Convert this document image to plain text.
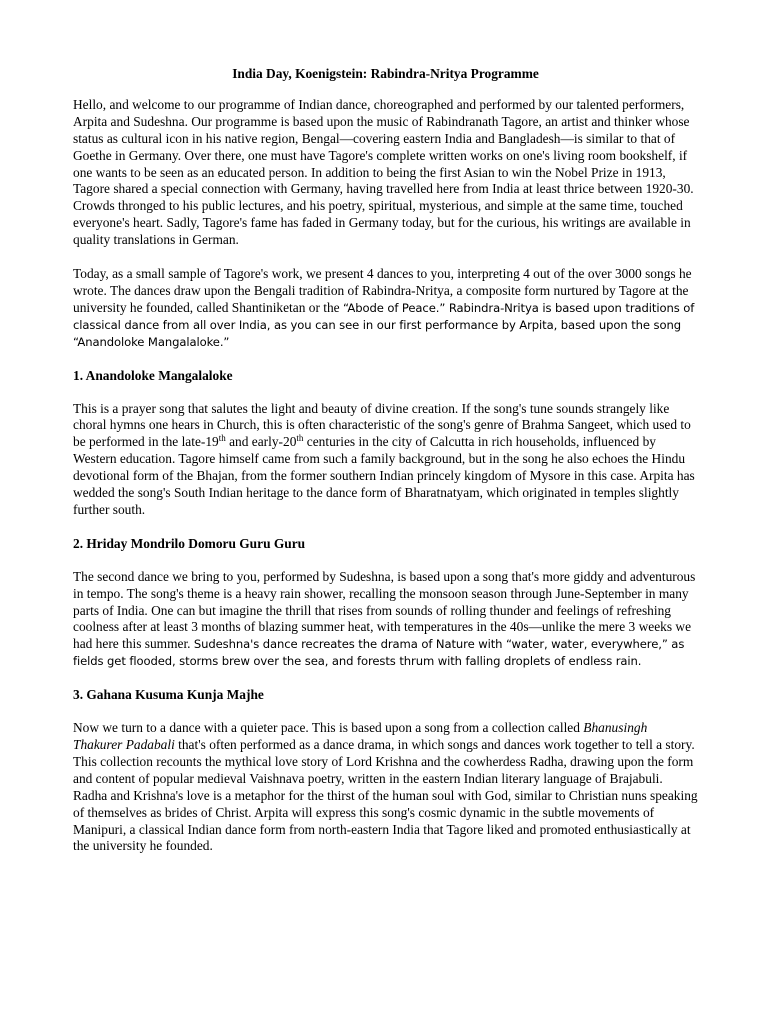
India Day, Koenigstein: Rabindra-Nritya Programme

Hello, and welcome to our programme of Indian dance, choreographed and performed by our talented performers, Arpita and Sudeshna. Our programme is based upon the music of Rabindranath Tagore, an artist and thinker whose status as cultural icon in his native region, Bengal—covering eastern India and Bangladesh—is similar to that of Goethe in Germany. Over there, one must have Tagore's complete written works on one's living room bookshelf, if one wants to be seen as an educated person. In addition to being the first Asian to win the Nobel Prize in 1913, Tagore shared a special connection with Germany, having travelled here from India at least thrice between 1920-30. Crowds thronged to his public lectures, and his poetry, spiritual, mysterious, and simple at the same time, touched everyone's heart. Sadly, Tagore's fame has faded in Germany today, but for the curious, his writings are available in quality translations in German.

Today, as a small sample of Tagore's work, we present 4 dances to you, interpreting 4 out of the over 3000 songs he wrote. The dances draw upon the Bengali tradition of Rabindra-Nritya, a composite form nurtured by Tagore at the university he founded, called Shantiniketan or the “Abode of Peace.” Rabindra-Nritya is based upon traditions of classical dance from all over India, as you can see in our first performance by Arpita, based upon the song “Anandoloke Mangalaloke.”

1. Anandoloke Mangalaloke

This is a prayer song that salutes the light and beauty of divine creation. If the song's tune sounds strangely like choral hymns one hears in Church, this is often characteristic of the song's genre of Brahma Sangeet, which used to be performed in the late-19th and early-20th centuries in the city of Calcutta in rich households, influenced by Western education. Tagore himself came from such a family background, but in the song he also echoes the Hindu devotional form of the Bhajan, from the former southern Indian princely kingdom of Mysore in this case. Arpita has wedded the song's South Indian heritage to the dance form of Bharatnatyam, which originated in temples slightly further south.

2. Hriday Mondrilo Domoru Guru Guru

The second dance we bring to you, performed by Sudeshna, is based upon a song that's more giddy and adventurous in tempo. The song's theme is a heavy rain shower, recalling the monsoon season through June-September in many parts of India. One can but imagine the thrill that rises from sounds of rolling thunder and feelings of refreshing coolness after at least 3 months of blazing summer heat, with temperatures in the 40s—unlike the mere 3 weeks we had here this summer. Sudeshna's dance recreates the drama of Nature with “water, water, everywhere,” as fields get flooded, storms brew over the sea, and forests thrum with falling droplets of endless rain.

3. Gahana Kusuma Kunja Majhe

Now we turn to a dance with a quieter pace. This is based upon a song from a collection called Bhanusingh Thakurer Padabali that's often performed as a dance drama, in which songs and dances work together to tell a story. This collection recounts the mythical love story of Lord Krishna and the cowherdess Radha, drawing upon the form and content of popular medieval Vaishnava poetry, written in the eastern Indian literary language of Brajabuli. Radha and Krishna's love is a metaphor for the thirst of the human soul with God, similar to Christian nuns speaking of themselves as brides of Christ. Arpita will express this song's cosmic dynamic in the subtle movements of Manipuri, a classical Indian dance form from north-eastern India that Tagore liked and promoted enthusiastically at the university he founded.
